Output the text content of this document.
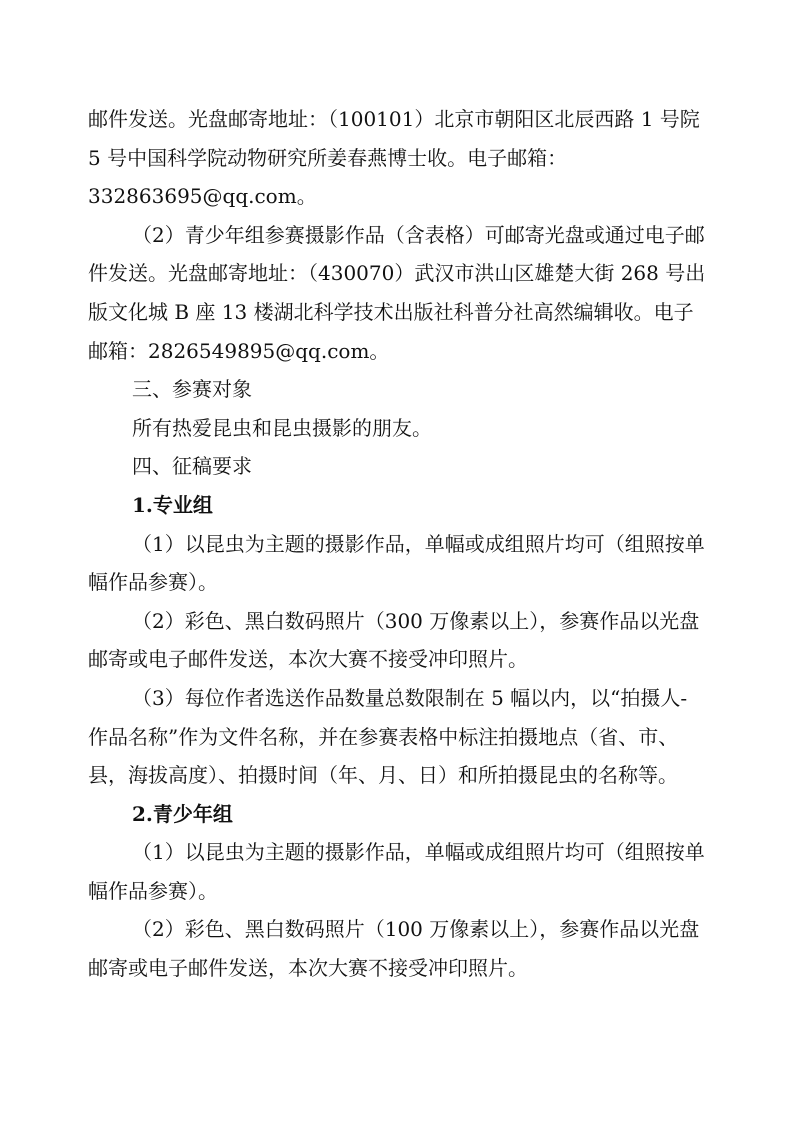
邮件发送。光盘邮寄地址：（100101）北京市朝阳区北辰西路 1 号院 5 号中国科学院动物研究所姜春燕博士收。电子邮箱：332863695@qq.com。

（2）青少年组参赛摄影作品（含表格）可邮寄光盘或通过电子邮件发送。光盘邮寄地址：（430070）武汉市洪山区雄楚大街 268 号出版文化城 B 座 13 楼湖北科学技术出版社科普分社高然编辑收。电子邮箱：2826549895@qq.com。

三、参赛对象

所有热爱昆虫和昆虫摄影的朋友。

四、征稿要求

1.专业组

（1）以昆虫为主题的摄影作品，单幅或成组照片均可（组照按单幅作品参赛）。

（2）彩色、黑白数码照片（300 万像素以上），参赛作品以光盘邮寄或电子邮件发送，本次大赛不接受冲印照片。

（3）每位作者选送作品数量总数限制在 5 幅以内，以“拍摄人-作品名称”作为文件名称，并在参赛表格中标注拍摄地点（省、市、县，海拔高度）、拍摄时间（年、月、日）和所拍摄昆虫的名称等。

2.青少年组

（1）以昆虫为主题的摄影作品，单幅或成组照片均可（组照按单幅作品参赛）。

（2）彩色、黑白数码照片（100 万像素以上），参赛作品以光盘邮寄或电子邮件发送，本次大赛不接受冲印照片。
